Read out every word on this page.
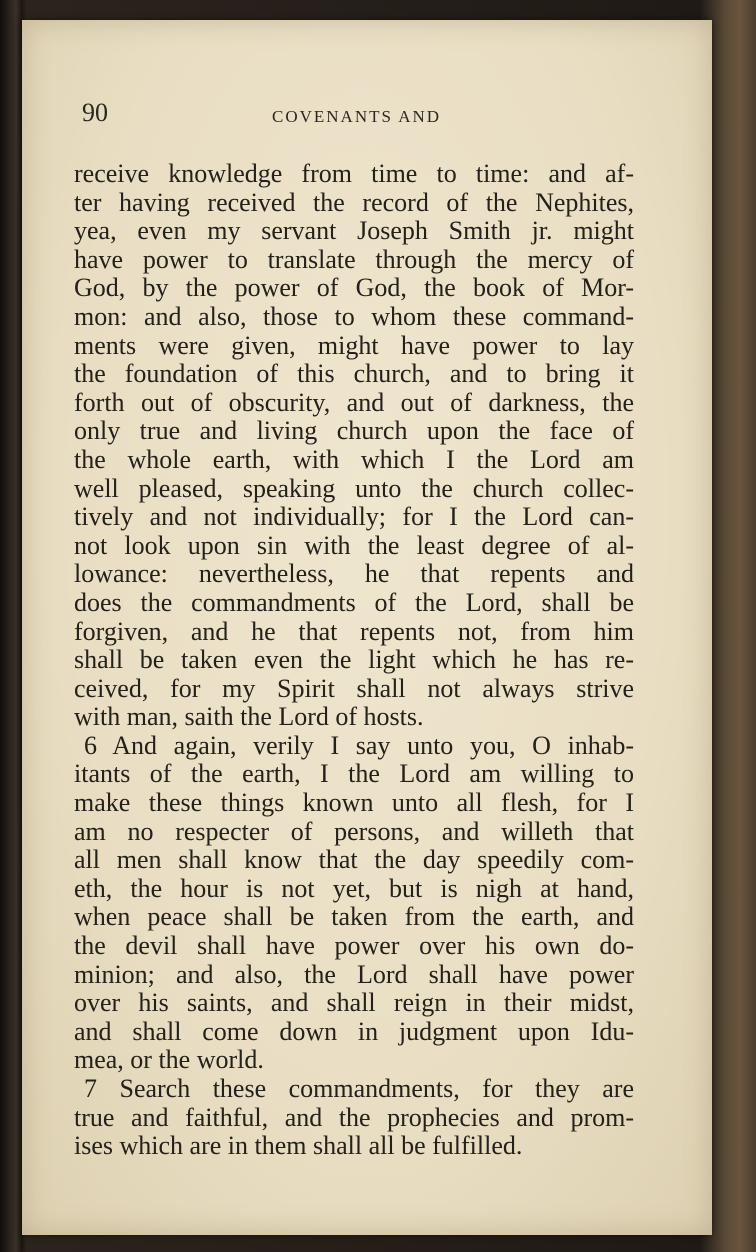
90	COVENANTS AND
receive knowledge from time to time: and af-
ter having received the record of the Nephites,
yea, even my servant Joseph Smith jr. might
have power to translate through the mercy of
God, by the power of God, the book of Mor-
mon: and also, those to whom these command-
ments were given, might have power to lay
the foundation of this church, and to bring it
forth out of obscurity, and out of darkness, the
only true and living church upon the face of
the whole earth, with which I the Lord am
well pleased, speaking unto the church collec-
tively and not individually; for I the Lord can-
not look upon sin with the least degree of al-
lowance: nevertheless, he that repents and
does the commandments of the Lord, shall be
forgiven, and he that repents not, from him
shall be taken even the light which he has re-
ceived, for my Spirit shall not always strive
with man, saith the Lord of hosts.
6 And again, verily I say unto you, O inhab-
itants of the earth, I the Lord am willing to
make these things known unto all flesh, for I
am no respecter of persons, and willeth that
all men shall know that the day speedily com-
eth, the hour is not yet, but is nigh at hand,
when peace shall be taken from the earth, and
the devil shall have power over his own do-
minion; and also, the Lord shall have power
over his saints, and shall reign in their midst,
and shall come down in judgment upon Idu-
mea, or the world.
7 Search these commandments, for they are
true and faithful, and the prophecies and prom-
ises which are in them shall all be fulfilled.
